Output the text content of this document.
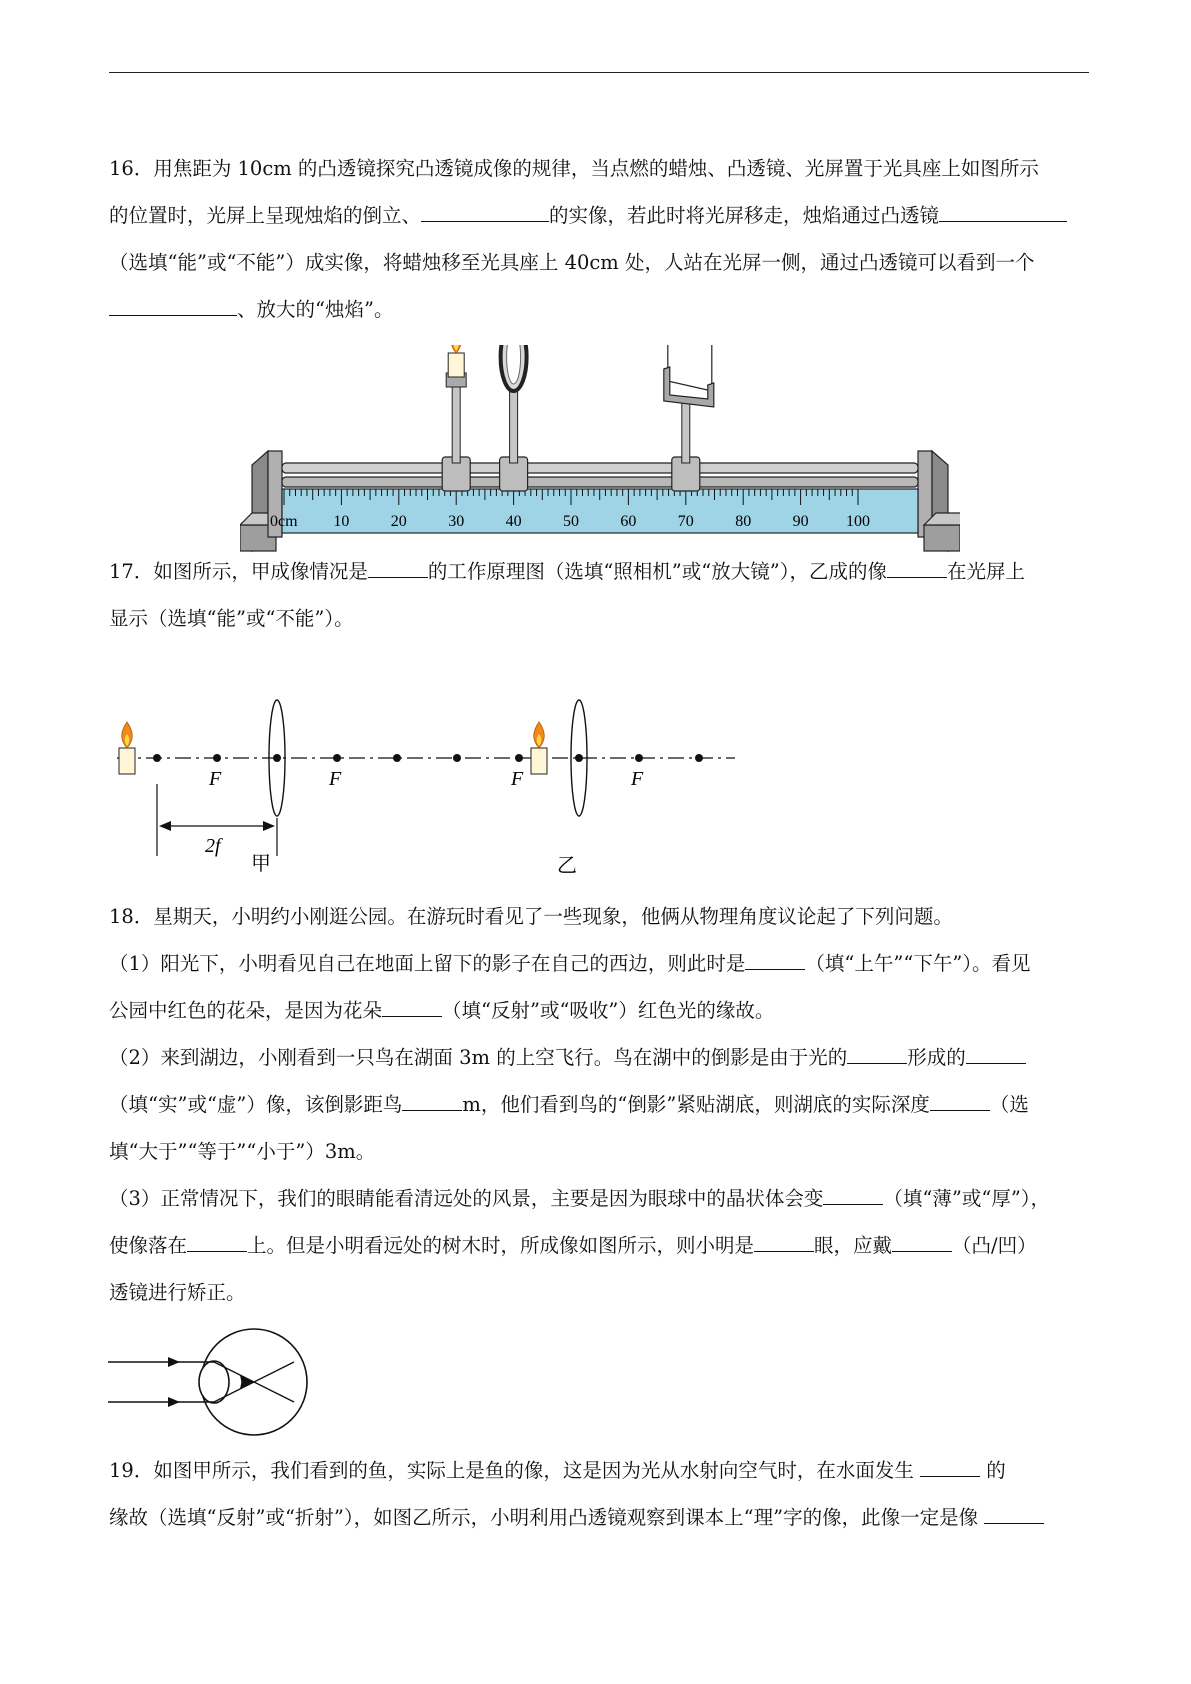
16．用焦距为 10cm 的凸透镜探究凸透镜成像的规律，当点燃的蜡烛、凸透镜、光屏置于光具座上如图所示

的位置时，光屏上呈现烛焰的倒立、	的实像，若此时将光屏移走，烛焰通过凸透镜

（选填“能”或“不能”）成实像，将蜡烛移至光具座上 40cm 处，人站在光屏一侧，通过凸透镜可以看到一个

、放大的“烛焰”。

0cm 10	20	30	40	50	60	70	80	90 100

17．如图所示，甲成像情况是	的工作原理图（选填“照相机”或“放大镜”），乙成的像	在光屏上

显示（选填“能”或“不能”）。

F	F
2f
甲
F	F
乙

18．星期天，小明约小刚逛公园。在游玩时看见了一些现象，他俩从物理角度议论起了下列问题。

（1）阳光下，小明看见自己在地面上留下的影子在自己的西边，则此时是	（填“上午”“下午”）。看见

公园中红色的花朵，是因为花朵	（填“反射”或“吸收”）红色光的缘故。

（2）来到湖边，小刚看到一只鸟在湖面 3m 的上空飞行。鸟在湖中的倒影是由于光的	形成的

（填“实”或“虚”）像，该倒影距鸟	m，他们看到鸟的“倒影”紧贴湖底，则湖底的实际深度	（选

填“大于”“等于”“小于”）3m。

（3）正常情况下，我们的眼睛能看清远处的风景，主要是因为眼球中的晶状体会变	（填“薄”或“厚”），

使像落在	上。但是小明看远处的树木时，所成像如图所示，则小明是	眼，应戴	（凸/凹）

透镜进行矫正。

19．如图甲所示，我们看到的鱼，实际上是鱼的像，这是因为光从水射向空气时，在水面发生	的

缘故（选填“反射”或“折射”），如图乙所示，小明利用凸透镜观察到课本上“理”字的像，此像一定是像
